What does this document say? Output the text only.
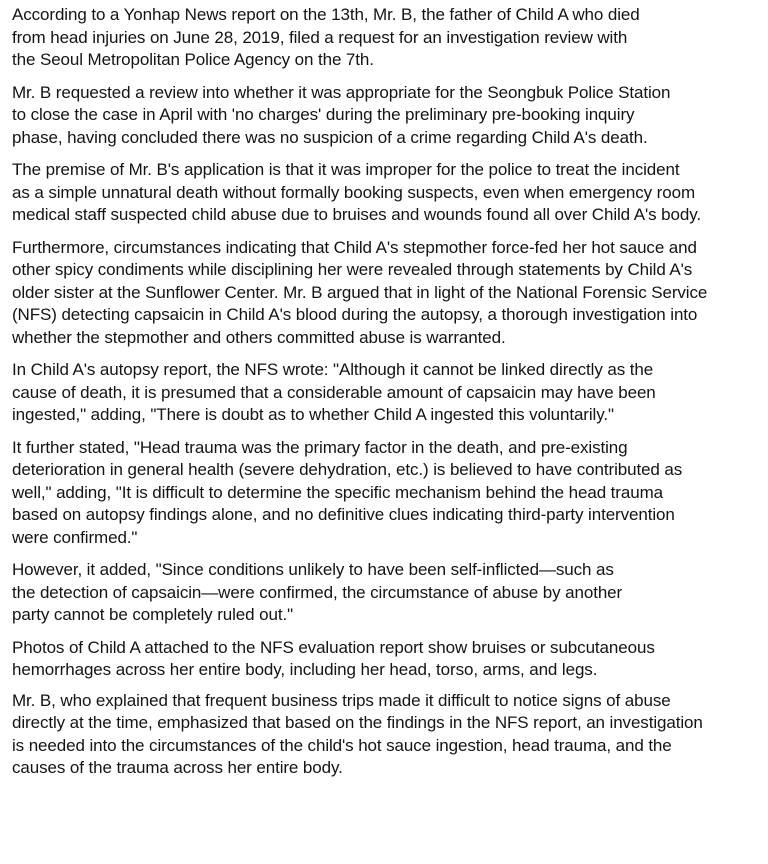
According to a Yonhap News report on the 13th, Mr. B, the father of Child A who died
from head injuries on June 28, 2019, filed a request for an investigation review with
the Seoul Metropolitan Police Agency on the 7th.

Mr. B requested a review into whether it was appropriate for the Seongbuk Police Station
to close the case in April with 'no charges' during the preliminary pre-booking inquiry
phase, having concluded there was no suspicion of a crime regarding Child A's death.

The premise of Mr. B's application is that it was improper for the police to treat the incident
as a simple unnatural death without formally booking suspects, even when emergency room
medical staff suspected child abuse due to bruises and wounds found all over Child A's body.

Furthermore, circumstances indicating that Child A's stepmother force-fed her hot sauce and
other spicy condiments while disciplining her were revealed through statements by Child A's
older sister at the Sunflower Center. Mr. B argued that in light of the National Forensic Service
(NFS) detecting capsaicin in Child A's blood during the autopsy, a thorough investigation into
whether the stepmother and others committed abuse is warranted.

In Child A's autopsy report, the NFS wrote: "Although it cannot be linked directly as the
cause of death, it is presumed that a considerable amount of capsaicin may have been
ingested," adding, "There is doubt as to whether Child A ingested this voluntarily."

It further stated, "Head trauma was the primary factor in the death, and pre-existing
deterioration in general health (severe dehydration, etc.) is believed to have contributed as
well," adding, "It is difficult to determine the specific mechanism behind the head trauma
based on autopsy findings alone, and no definitive clues indicating third-party intervention
were confirmed."

However, it added, "Since conditions unlikely to have been self-inflicted—such as
the detection of capsaicin—were confirmed, the circumstance of abuse by another
party cannot be completely ruled out."

Photos of Child A attached to the NFS evaluation report show bruises or subcutaneous
hemorrhages across her entire body, including her head, torso, arms, and legs.

Mr. B, who explained that frequent business trips made it difficult to notice signs of abuse
directly at the time, emphasized that based on the findings in the NFS report, an investigation
is needed into the circumstances of the child's hot sauce ingestion, head trauma, and the
causes of the trauma across her entire body.
